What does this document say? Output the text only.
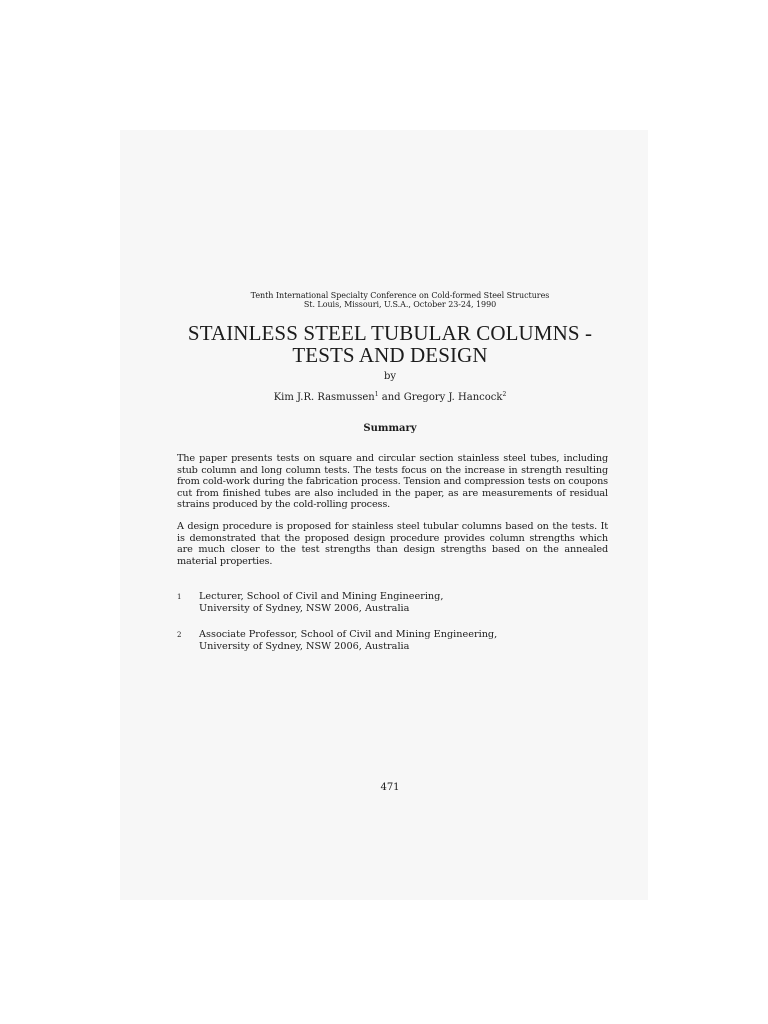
Tenth International Specialty Conference on Cold-formed Steel Structures
St. Louis, Missouri, U.S.A., October 23-24, 1990
STAINLESS STEEL TUBULAR COLUMNS -
TESTS AND DESIGN
by
Kim J.R. Rasmussen$^1$ and Gregory J. Hancock$^2$
Summary

The paper presents tests on square and circular section stainless steel tubes, including stub column and long column tests. The tests focus on the increase in strength resulting from cold-work during the fabrication process. Tension and compression tests on coupons cut from finished tubes are also included in the paper, as are measurements of residual strains produced by the cold-rolling process.

A design procedure is proposed for stainless steel tubular columns based on the tests. It is demonstrated that the proposed design procedure provides column strengths which are much closer to the test strengths than design strengths based on the annealed material properties.

1 Lecturer, School of Civil and Mining Engineering,
University of Sydney, NSW 2006, Australia
2 Associate Professor, School of Civil and Mining Engineering,
University of Sydney, NSW 2006, Australia
471
